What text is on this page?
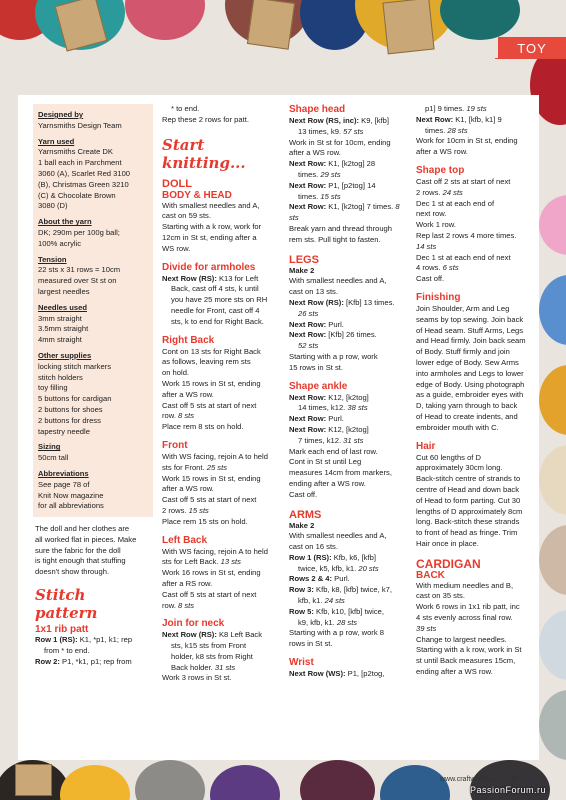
TOY
Designed by
Yarnsmiths Design Team
Yarn used
Yarnsmiths Create DK
1 ball each in Parchment
3060 (A), Scarlet Red 3100
(B), Christmas Green 3210
(C) & Chocolate Brown
3080 (D)
About the yarn
DK; 290m per 100g ball;
100% acrylic
Tension
22 sts x 31 rows = 10cm
measured over St st on
largest needles
Needles used
3mm straight
3.5mm straight
4mm straight
Other supplies
locking stitch markers
stitch holders
toy filling
5 buttons for cardigan
2 buttons for shoes
2 buttons for dress
tapestry needle
Sizing
50cm tall
Abbreviations
See page 78 of
Knit Now magazine
for all abbreviations
The doll and her clothes are
all worked flat in pieces. Make
sure the fabric for the doll
is tight enough that stuffing
doesn't show through.
Stitch pattern
1x1 rib patt

Row 1 (RS): K1, *p1, k1; rep

from * to end.

Row 2: P1, *k1, p1; rep from

* to end.

Rep these 2 rows for patt.

Start knitting...
DOLL
BODY & HEAD
With smallest needles and A,
cast on 59 sts.
Starting with a k row, work for
12cm in St st, ending after a
WS row.
Divide for armholes

Next Row (RS): K13 for Left

Back, cast off 4 sts, k until

you have 25 more sts on RH

needle for Front, cast off 4

sts, k to end for Right Back.

Right Back
Cont on 13 sts for Right Back
as follows, leaving rem sts
on hold.
Work 15 rows in St st, ending
after a WS row.
Cast off 5 sts at start of next

row. 8 sts

Place rem 8 sts on hold.

Front

With WS facing, rejoin A to held

sts for Front. 25 sts

Work 15 rows in St st, ending
after a WS row.
Cast off 5 sts at start of next

2 rows. 15 sts

Place rem 15 sts on hold.

Left Back

With WS facing, rejoin A to held

sts for Left Back. 13 sts

Work 16 rows in St st, ending
after a RS row.
Cast off 5 sts at start of next

row. 8 sts

Join for neck

Next Row (RS): K8 Left Back

sts, k15 sts from Front

holder, k8 sts from Right

Back holder. 31 sts

Work 3 rows in St st.

Shape head

Next Row (RS, inc): K9, [kfb]

13 times, k9. 57 sts

Work in St st for 10cm, ending
after a WS row.

Next Row: K1, [k2tog] 28

times. 29 sts

Next Row: P1, [p2tog] 14

times. 15 sts

Next Row: K1, [k2tog] 7 times. 8 sts

Break yarn and thread through
rem sts. Pull tight to fasten.
LEGS

Make 2

With smallest needles and A,
cast on 13 sts.

Next Row (RS): [Kfb] 13 times.

26 sts

Next Row: Purl.

Next Row: [Kfb] 26 times.

52 sts

Starting with a p row, work
15 rows in St st.
Shape ankle

Next Row: K12, [k2tog]

14 times, k12. 38 sts

Next Row: Purl.

Next Row: K12, [k2tog]

7 times, k12. 31 sts

Mark each end of last row.
Cont in St st until Leg
measures 14cm from markers,
ending after a WS row.
Cast off.
ARMS

Make 2

With smallest needles and A,
cast on 16 sts.

Row 1 (RS): Kfb, k6, [kfb]

twice, k5, kfb, k1. 20 sts

Rows 2 & 4: Purl.

Row 3: Kfb, k8, [kfb] twice, k7,

kfb, k1. 24 sts

Row 5: Kfb, k10, [kfb] twice,

k9, kfb, k1. 28 sts

Starting with a p row, work 8
rows in St st.
Wrist

Next Row (WS): P1, [p2tog,

p1] 9 times. 19 sts

Next Row: K1, [kfb, k1] 9

times. 28 sts

Work for 10cm in St st, ending
after a WS row.
Shape top

Cast off 2 sts at start of next

2 rows. 24 sts

Dec 1 st at each end of
next row.
Work 1 row.
Rep last 2 rows 4 more times.

14 sts

Dec 1 st at each end of next

4 rows. 6 sts

Cast off.

Finishing
Join Shoulder, Arm and Leg
seams by top sewing. Join back
of Head seam. Stuff Arms, Legs
and Head firmly. Join back seam
of Body. Stuff firmly and join
lower edge of Body. Sew Arms
into armholes and Legs to lower
edge of Body. Using photograph
as a guide, embroider eyes with
D, taking yarn through to back
of Head to create indents, and
embroider mouth with C.
Hair
Cut 60 lengths of D
approximately 30cm long.
Back-stitch centre of strands to
centre of Head and down back
of Head to form parting. Cut 30
lengths of D approximately 8cm
long. Back-stitch these strands
to front of head as fringe. Trim
Hair once in place.
CARDIGAN
BACK
With medium needles and B,
cast on 35 sts.
Work 6 rows in 1x1 rib patt, inc
4 sts evenly across final row.

39 sts

Change to largest needles.
Starting with a k row, work in St
st until Back measures 15cm,
ending after a WS row.
www.craftworld.com 29
PassionForum.ru
